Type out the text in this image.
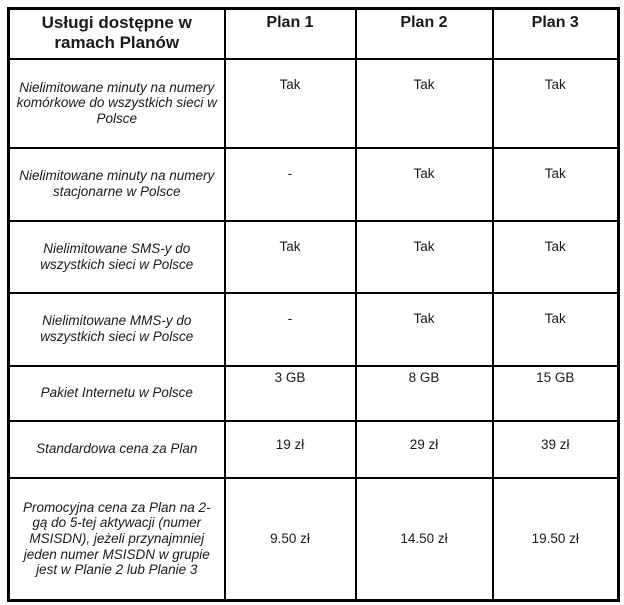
Usługi dostępne w ramach Planów	Plan 1	Plan 2	Plan 3

Nielimitowane minuty na numery komórkowe do wszystkich sieci w Polsce	Tak	Tak	Tak

Nielimitowane minuty na numery stacjonarne w Polsce	-	Tak	Tak

Nielimitowane SMS-y do wszystkich sieci w Polsce	Tak	Tak	Tak

Nielimitowane MMS-y do wszystkich sieci w Polsce	-	Tak	Tak

Pakiet Internetu w Polsce	3 GB	8 GB	15 GB

Standardowa cena za Plan	19 zł	29 zł	39 zł

Promocyjna cena za Plan na 2-gą do 5-tej aktywacji (numer MSISDN), jeżeli przynajmniej jeden numer MSISDN w grupie jest w Planie 2 lub Planie 3	9.50 zł	14.50 zł	19.50 zł
